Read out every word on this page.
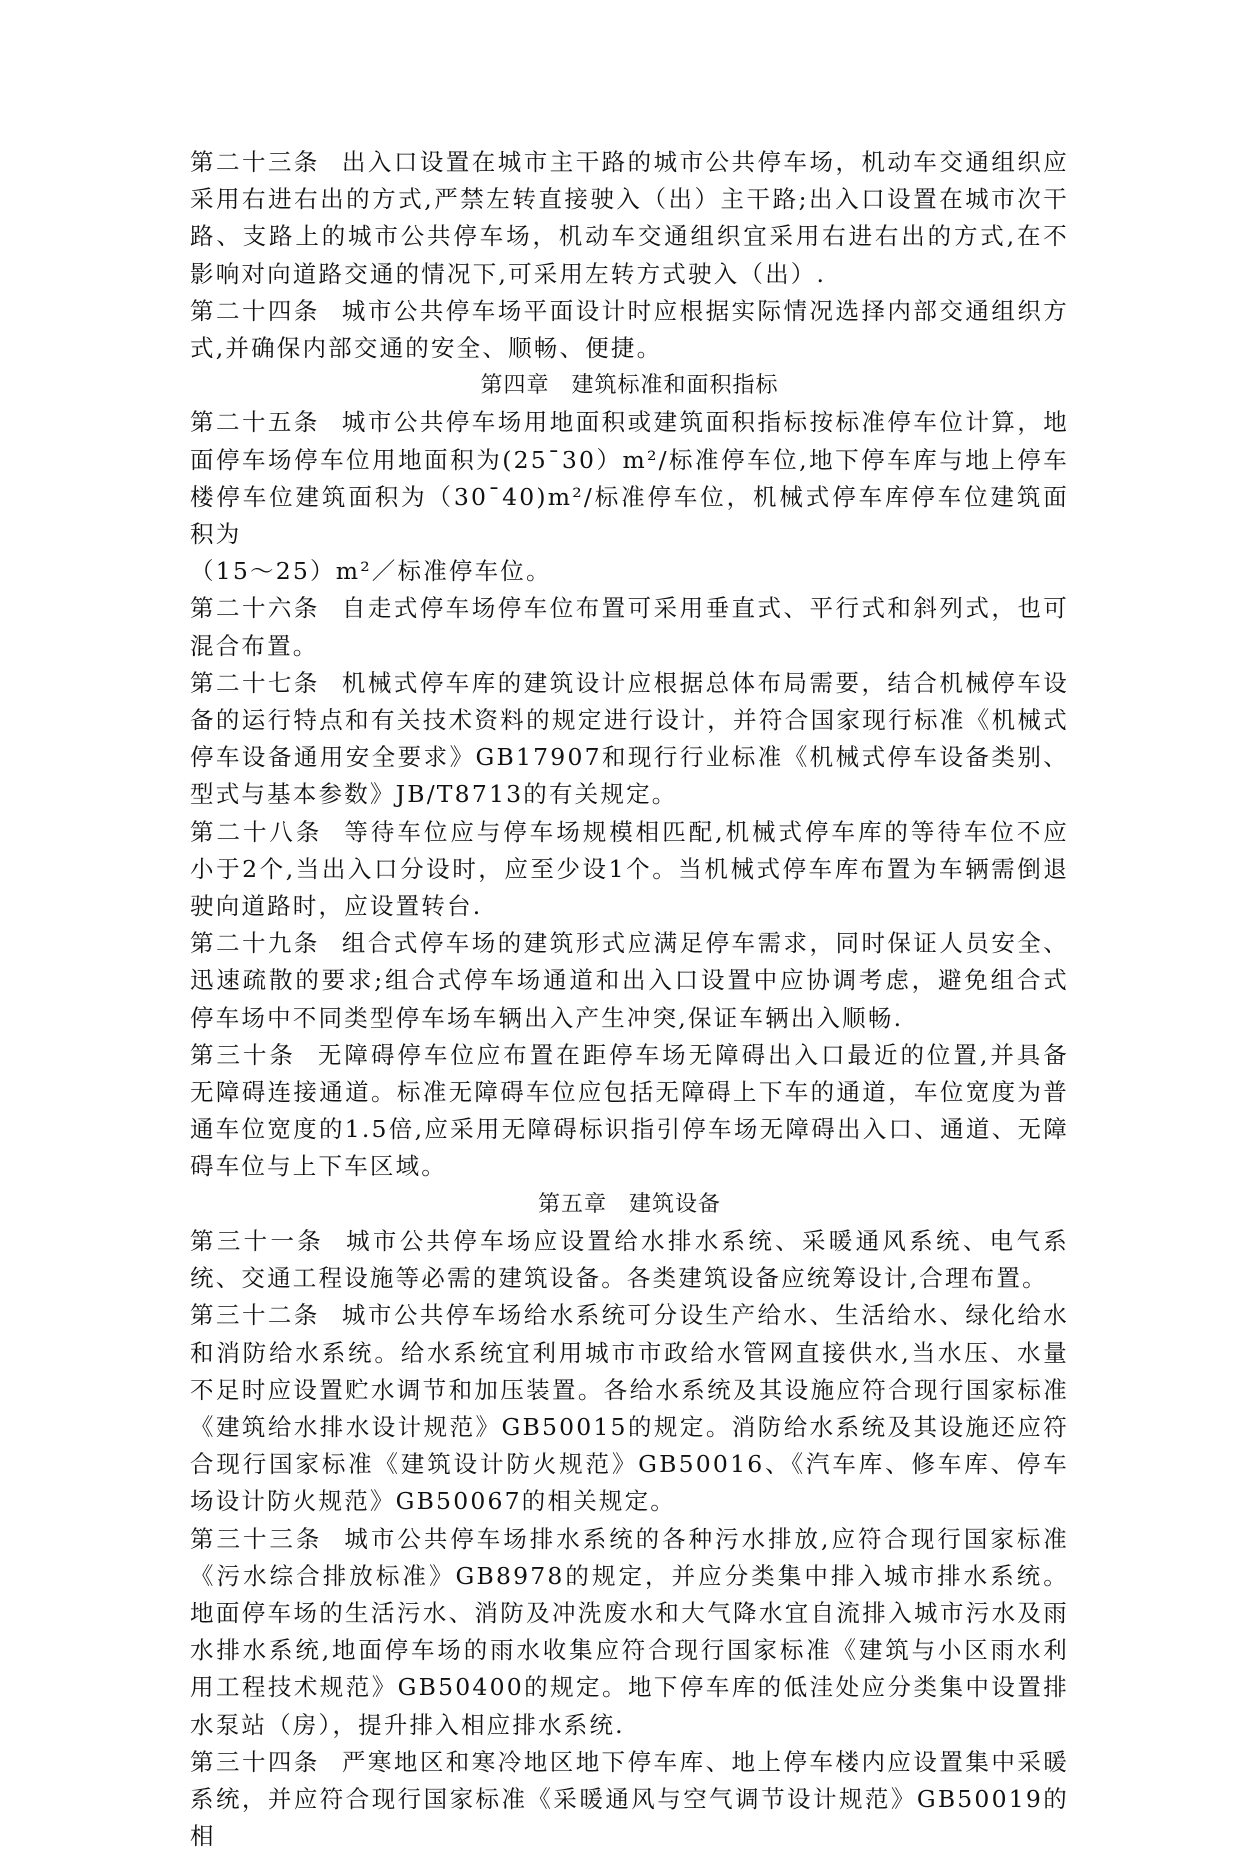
第二十三条 出入口设置在城市主干路的城市公共停车场，机动车交通组织应采用右进右出的方式,严禁左转直接驶入（出）主干路;出入口设置在城市次干路、支路上的城市公共停车场，机动车交通组织宜采用右进右出的方式,在不影响对向道路交通的情况下,可采用左转方式驶入（出）.

第二十四条 城市公共停车场平面设计时应根据实际情况选择内部交通组织方式,并确保内部交通的安全、顺畅、便捷。

第四章 建筑标准和面积指标

第二十五条 城市公共停车场用地面积或建筑面积指标按标准停车位计算，地面停车场停车位用地面积为(25¯30）m²/标准停车位,地下停车库与地上停车楼停车位建筑面积为（30¯40)m²/标准停车位，机械式停车库停车位建筑面积为

（15～25）m²／标准停车位。

第二十六条 自走式停车场停车位布置可采用垂直式、平行式和斜列式，也可混合布置。

第二十七条 机械式停车库的建筑设计应根据总体布局需要，结合机械停车设备的运行特点和有关技术资料的规定进行设计，并符合国家现行标准《机械式停车设备通用安全要求》GB17907和现行行业标准《机械式停车设备类别、型式与基本参数》JB/T8713的有关规定。

第二十八条 等待车位应与停车场规模相匹配,机械式停车库的等待车位不应小于2个,当出入口分设时，应至少设1个。当机械式停车库布置为车辆需倒退驶向道路时，应设置转台.

第二十九条 组合式停车场的建筑形式应满足停车需求，同时保证人员安全、迅速疏散的要求;组合式停车场通道和出入口设置中应协调考虑，避免组合式停车场中不同类型停车场车辆出入产生冲突,保证车辆出入顺畅.

第三十条 无障碍停车位应布置在距停车场无障碍出入口最近的位置,并具备无障碍连接通道。标准无障碍车位应包括无障碍上下车的通道，车位宽度为普通车位宽度的1.5倍,应采用无障碍标识指引停车场无障碍出入口、通道、无障碍车位与上下车区域。

第五章 建筑设备

第三十一条 城市公共停车场应设置给水排水系统、采暖通风系统、电气系统、交通工程设施等必需的建筑设备。各类建筑设备应统筹设计,合理布置。

第三十二条 城市公共停车场给水系统可分设生产给水、生活给水、绿化给水和消防给水系统。给水系统宜利用城市市政给水管网直接供水,当水压、水量不足时应设置贮水调节和加压装置。各给水系统及其设施应符合现行国家标准《建筑给水排水设计规范》GB50015的规定。消防给水系统及其设施还应符合现行国家标准《建筑设计防火规范》GB50016、《汽车库、修车库、停车场设计防火规范》GB50067的相关规定。

第三十三条 城市公共停车场排水系统的各种污水排放,应符合现行国家标准《污水综合排放标准》GB8978的规定，并应分类集中排入城市排水系统。地面停车场的生活污水、消防及冲洗废水和大气降水宜自流排入城市污水及雨水排水系统,地面停车场的雨水收集应符合现行国家标准《建筑与小区雨水利用工程技术规范》GB50400的规定。地下停车库的低洼处应分类集中设置排水泵站（房），提升排入相应排水系统.

第三十四条 严寒地区和寒冷地区地下停车库、地上停车楼内应设置集中采暖系统，并应符合现行国家标准《采暖通风与空气调节设计规范》GB50019的相
